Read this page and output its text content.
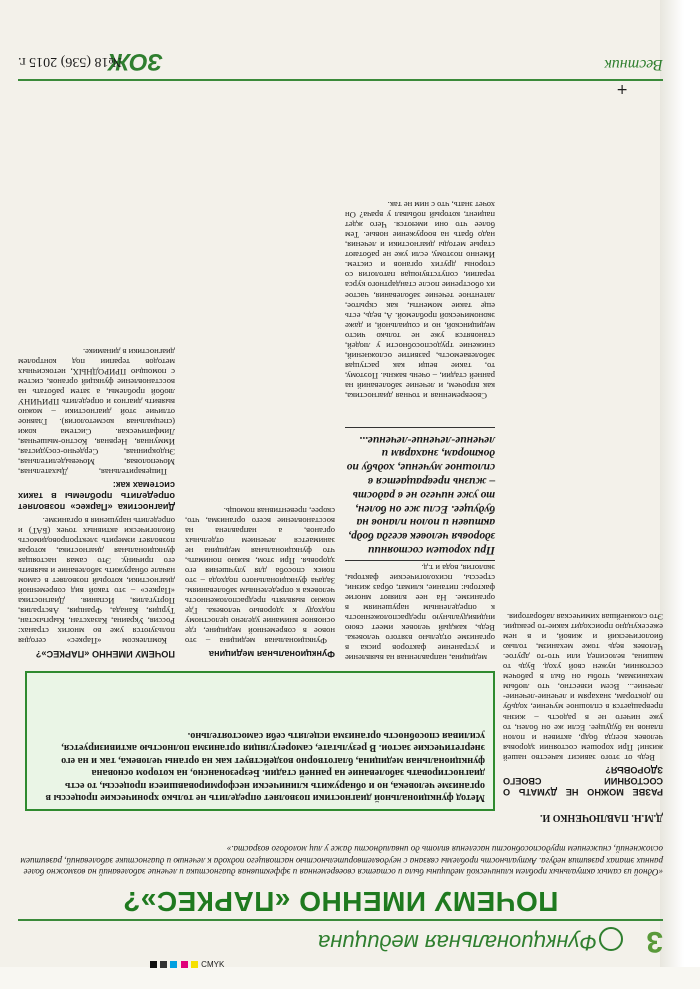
3
Функциональная медицина
ПОЧЕМУ ИМЕННО «ПАРКЕС»?
«Одной из самых актуальных проблем клинической медицины была и остается своевременная и эффективная диагностика и лечение заболеваний на возможно более ранних этапах развития недуга. Актуальность проблемы связана с неудовлетворительностью настоящего подхода к лечению и диагностике заболеваний, развитием осложнений, снижением трудоспособности населения вплоть до инвалидности даже у лиц молодого возраста.»
Д.М.Н. ПАВЛЮЧЕНКО И.
Метод функциональной диагностики позволяет определить не только хронические процессы в организме человека, но и обнаружить клинически несформировавшиеся процессы, то есть диагностировать заболевание на ранней стадии. Безрезонансно, на котором основана функциональная медицина, благотворно воздействует как на органы человека, так и на его энергетические застои. В результате, саморегуляция организма полностью активизируется, усиливая способность организма исцелять себя самостоятельно.
РАЗВЕ МОЖНО НЕ ДУМАТЬ О СОСТОЯНИИ СВОЕГО ЗДОРОВЬЯ?

Ведь от этого зависит качество нашей жизни! При хорошем состоянии здоровья человек всегда бодр, активен и полон планов на будущее. Если же он болен, то уже ничего не в радость – жизнь превращается в сплошное мучение, ходьбу по докторам, знахарям и лечение-лечение-лечение... Всем известно, что любым механизмам, чтобы он был в рабочем состоянии, нужен свой уход. Будь то машина, велосипед или что-то другое. Человек ведь тоже механизм, только биологический и живой, и в нем ежесекундно происходит какие-то реакции. Это сложнейшая химическая лаборатория.

медицина, направленная на выявление и устранение факторов риска в организме отдельно взятого человека. Ведь, каждый человек имеет свою индивидуальную предрасположенность к определенным нарушениям в организме. На нее влияют многие факторы: питание, климат, образ жизни, стрессы, психологические факторы, экология, вода и т.д.

При хорошем состоянии здоровья человек всегда бодр, активен и полон планов на будущее. Если же он болен, то уже ничего не в радость – жизнь превращается в сплошное мучение, ходьбу по докторам, знахарям и лечение-лечение-лечение...

Своевременная и точная диагностика, как впрочем, и лечение заболеваний на ранней стадии, – очень важны. Поэтому, то, такие вещи как растущая заболеваемость, развитие осложнений, снижение трудоспособности у людей, становятся уже не только чисто медицинской, но и социальной, и даже экономической проблемой. А, ведь, есть еще такие моменты, как скрытое, латентное течение заболевания, частое их обострение после стандартного курса терапии, сопутствующая патология со стороны других органов и систем. Именно поэтому, если уже не работают старые методы диагностики и лечения, надо брать на вооружение новые. Тем более что они имеются. Чего ждет пациент, который побывал у врача? Он хочет знать, что с ним не так.

Функциональная медицина

Функциональная медицина – это новое в современной медицине, где основное внимание уделено целостному подходу к здоровью человека. Где можно выявлять предрасположенность человека к определенным заболеваниям. Задача функционального подхода – это поиск способа для улучшения его здоровья. При этом, важно понимать, что функциональная медицина не занимается лечением отдельных органов, а направлена на восстановление всего организма, что, скорее, превентивная помощь.

ПОЧЕМУ ИМЕННО «ПАРКЕС»?

Комплексом «Паркес» сегодня пользуются уже во многих странах: Россия, Украина, Казахстан, Кыргызстан, Турция, Канада, Франция, Австралия, Португалия, Испания. Диагностика «Паркес» – это такой вид современной диагностики, который позволяет в самом начале обнаружить заболевание и выявить его причину. Это самая настоящая функциональная диагностика, которая позволяет измерить электропроводимость биологически активных точек (БАТ) и определить нарушения в организме.

Диагностика «Паркес» позволяет определить проблемы в таких системах как:

Пищеварительная, Дыхательная, Мочеполовая, Мочевыделительная, Эндокринная, Сердечно-сосудистая, Иммунная, Нервная, Костно-мышечная, Лимфатическая. Система кожи (специальная косметология). Главное отличие этой диагностики – можно выявить диагноз и определить ПРИЧИНУ любой проблемы, а затем работать на восстановление функций органов, систем с помощью ПРИРОДНЫХ, нетоксичных методов терапии под контролем диагностики в динамике.

Вестник
ЗОЖ
№18 (536) 2015 г.
+
CMYK
